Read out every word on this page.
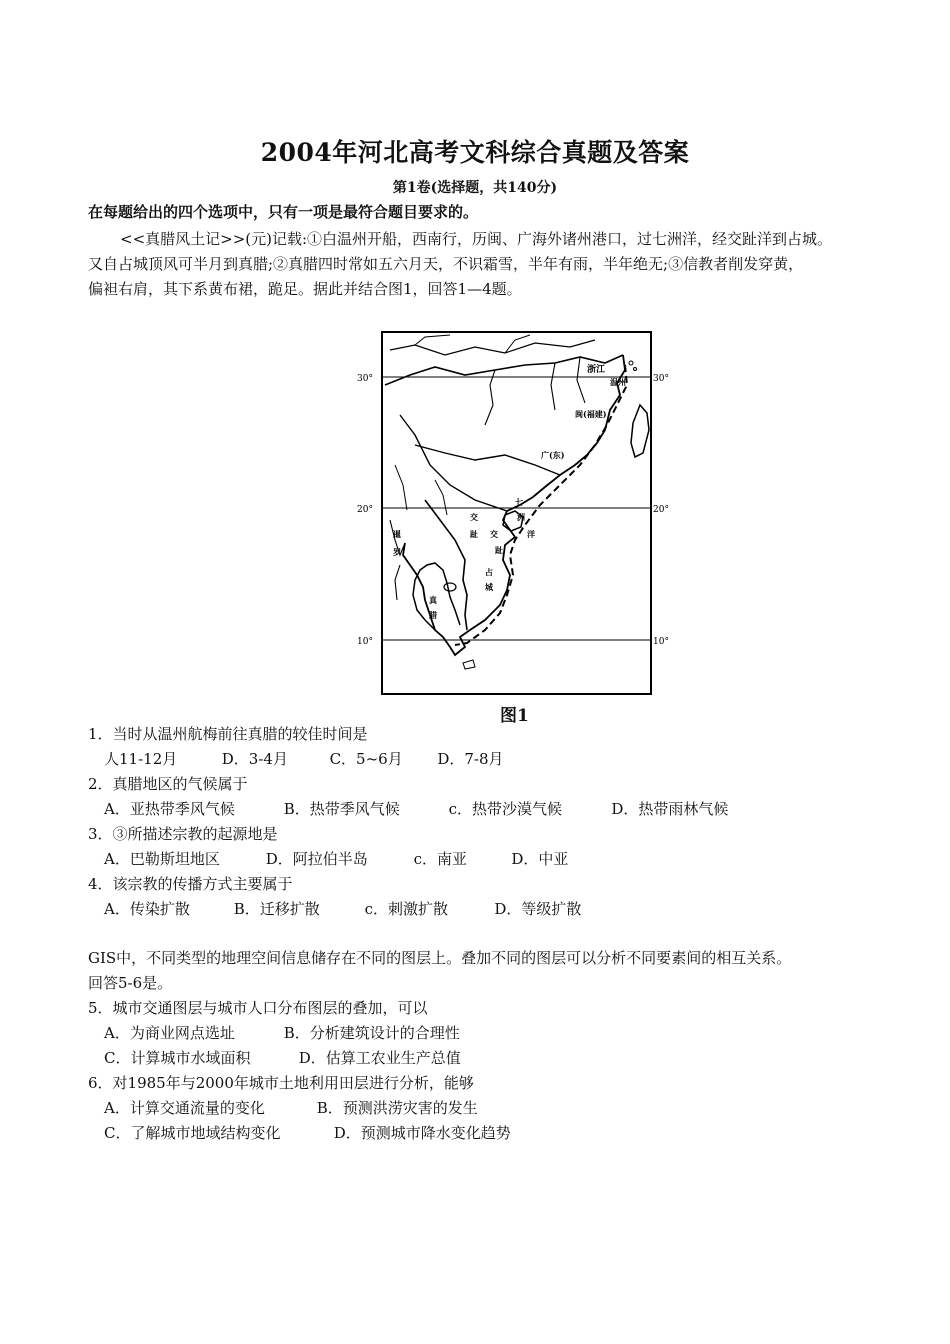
2004年河北高考文科综合真题及答案
第1卷(选择题，共140分)
在每题给出的四个选项中，只有一项是最符合题目要求的。
<<真腊风土记>>(元)记载:①白温州开船，西南行，历闽、广海外诸州港口，过七洲洋，经交趾洋到占城。
又自占城顶风可半月到真腊;②真腊四时常如五六月天，不识霜雪，半年有雨，半年绝无;③信教者削发穿黄，
偏袒右肩，其下系黄布裙，跪足。据此并结合图1，回答1—4题。
30°
20°
10°
30°
20°
10°
浙江
温州
闽(福建)
广(东)
交
趾 交
趾
七
洲
洋
暹
罗
占
城
真
腊
图1
1．当时从温州航梅前往真腊的较佳时间是
人11-12月	D．3-4月	C．5~6月 D．7-8月
2．真腊地区的气候属于
A．亚热带季风气候	B．热带季风气候	c．热带沙漠气候	D．热带雨林气候
3．③所描述宗教的起源地是
A．巴勒斯坦地区	D．阿拉伯半岛	c．南亚	D．中亚
4．该宗教的传播方式主要属于
A．传染扩散	B．迁移扩散	c．刺激扩散	D．等级扩散
GIS中，不同类型的地理空间信息储存在不同的图层上。叠加不同的图层可以分析不同要素间的相互关系。
回答5-6是。
5．城市交通图层与城市人口分布图层的叠加，可以
A．为商业网点选址	B．分析建筑设计的合理性
C．计算城市水域面积	D．估算工农业生产总值
6．对1985年与2000年城市土地利用田层进行分析，能够
A．计算交通流量的变化	B．预测洪涝灾害的发生
C．了解城市地域结构变化	D．预测城市降水变化趋势
